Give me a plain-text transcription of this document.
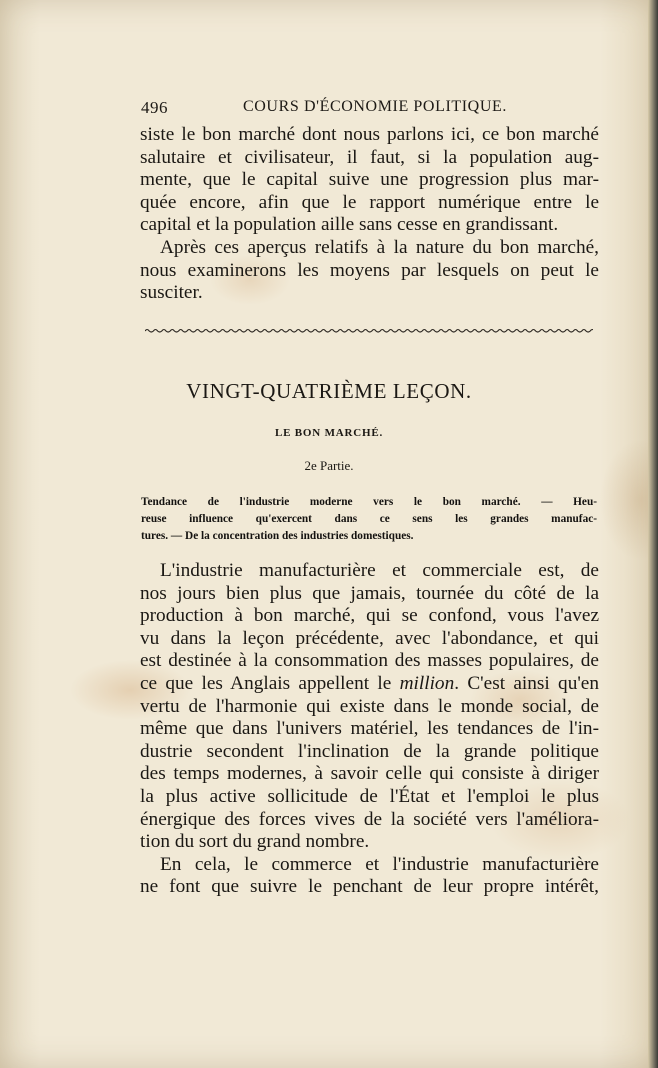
496	COURS D'ÉCONOMIE POLITIQUE.
siste le bon marché dont nous parlons ici, ce bon marché
salutaire et civilisateur, il faut, si la population aug-
mente, que le capital suive une progression plus mar-
quée encore, afin que le rapport numérique entre le
capital et la population aille sans cesse en grandissant.
Après ces aperçus relatifs à la nature du bon marché,
nous examinerons les moyens par lesquels on peut le
susciter.
VINGT-QUATRIÈME LEÇON.
LE BON MARCHÉ.
2e Partie.
Tendance de l'industrie moderne vers le bon marché. — Heu-
reuse influence qu'exercent dans ce sens les grandes manufac-
tures. — De la concentration des industries domestiques.
L'industrie manufacturière et commerciale est, de
nos jours bien plus que jamais, tournée du côté de la
production à bon marché, qui se confond, vous l'avez
vu dans la leçon précédente, avec l'abondance, et qui
est destinée à la consommation des masses populaires, de
ce que les Anglais appellent le million. C'est ainsi qu'en
vertu de l'harmonie qui existe dans le monde social, de
même que dans l'univers matériel, les tendances de l'in-
dustrie secondent l'inclination de la grande politique
des temps modernes, à savoir celle qui consiste à diriger
la plus active sollicitude de l'État et l'emploi le plus
énergique des forces vives de la société vers l'améliora-
tion du sort du grand nombre.
En cela, le commerce et l'industrie manufacturière
ne font que suivre le penchant de leur propre intérêt,
